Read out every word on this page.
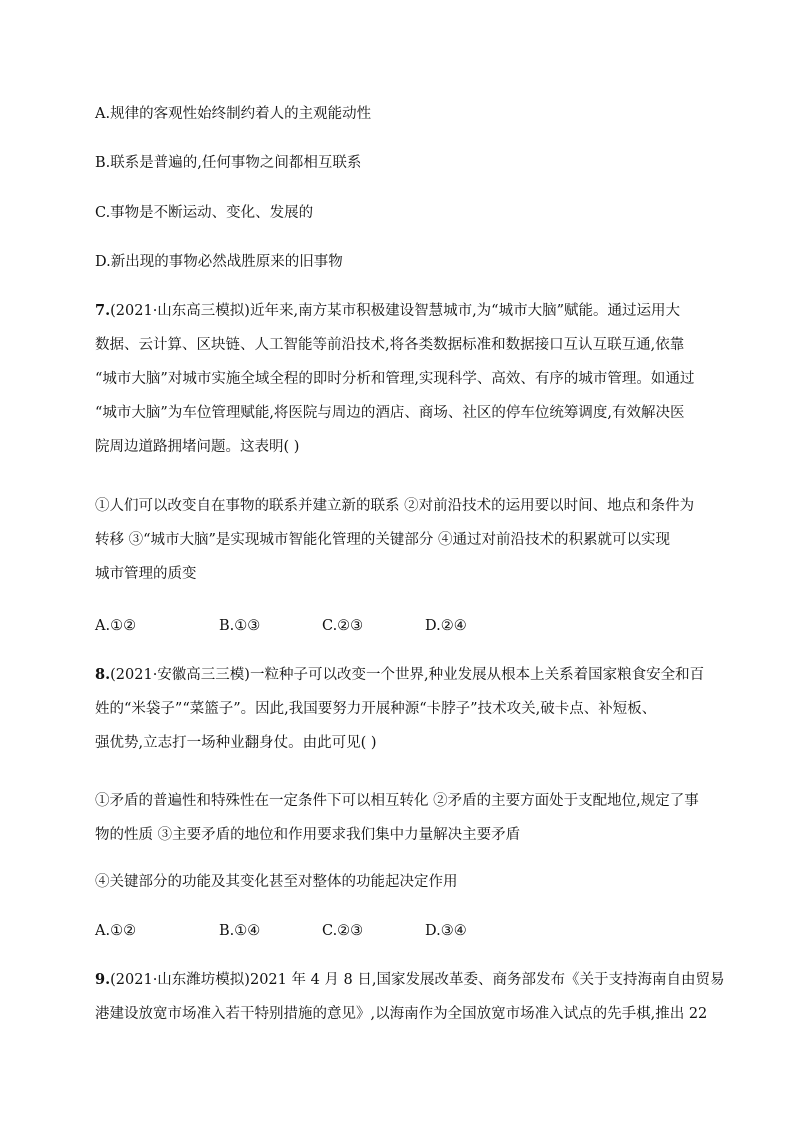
A.规律的客观性始终制约着人的主观能动性
B.联系是普遍的,任何事物之间都相互联系
C.事物是不断运动、变化、发展的
D.新出现的事物必然战胜原来的旧事物
7.(2021·山东高三模拟)近年来,南方某市积极建设智慧城市,为“城市大脑”赋能。通过运用大
数据、云计算、区块链、人工智能等前沿技术,将各类数据标准和数据接口互认互联互通,依靠
“城市大脑”对城市实施全域全程的即时分析和管理,实现科学、高效、有序的城市管理。如通过
“城市大脑”为车位管理赋能,将医院与周边的酒店、商场、社区的停车位统筹调度,有效解决医
院周边道路拥堵问题。这表明( )
①人们可以改变自在事物的联系并建立新的联系 ②对前沿技术的运用要以时间、地点和条件为
转移 ③“城市大脑”是实现城市智能化管理的关键部分 ④通过对前沿技术的积累就可以实现
城市管理的质变
A.①②	B.①③	C.②③	D.②④
8.(2021·安徽高三三模)一粒种子可以改变一个世界,种业发展从根本上关系着国家粮食安全和百
姓的“米袋子”“菜篮子”。因此,我国要努力开展种源“卡脖子”技术攻关,破卡点、补短板、
强优势,立志打一场种业翻身仗。由此可见( )
①矛盾的普遍性和特殊性在一定条件下可以相互转化 ②矛盾的主要方面处于支配地位,规定了事
物的性质 ③主要矛盾的地位和作用要求我们集中力量解决主要矛盾
④关键部分的功能及其变化甚至对整体的功能起决定作用
A.①②	B.①④	C.②③	D.③④
9.(2021·山东潍坊模拟)2021 年 4 月 8 日,国家发展改革委、商务部发布《关于支持海南自由贸易
港建设放宽市场准入若干特别措施的意见》,以海南作为全国放宽市场准入试点的先手棋,推出 22
